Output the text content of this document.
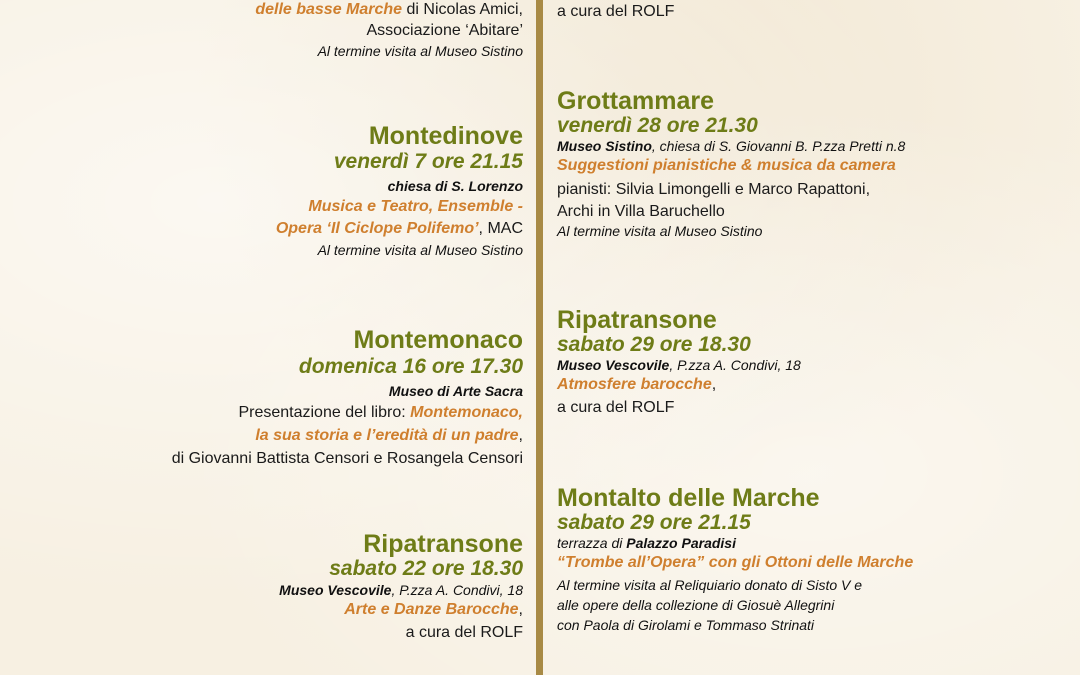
delle basse Marche di Nicolas Amici,
Associazione ‘Abitare’
Al termine visita al Museo Sistino
Montedinove
venerdì 7 ore 21.15
chiesa di S. Lorenzo
Musica e Teatro, Ensemble -
Opera ‘Il Ciclope Polifemo’, MAC
Al termine visita al Museo Sistino
Montemonaco
domenica 16 ore 17.30
Museo di Arte Sacra
Presentazione del libro: Montemonaco,
la sua storia e l’eredità di un padre,
di Giovanni Battista Censori e Rosangela Censori
Ripatransone
sabato 22 ore 18.30
Museo Vescovile, P.zza A. Condivi, 18
Arte e Danze Barocche,
a cura del ROLF
a cura del ROLF
Grottammare
venerdì 28 ore 21.30
Museo Sistino, chiesa di S. Giovanni B. P.zza Pretti n.8
Suggestioni pianistiche & musica da camera
pianisti: Silvia Limongelli e Marco Rapattoni,
Archi in Villa Baruchello
Al termine visita al Museo Sistino
Ripatransone
sabato 29 ore 18.30
Museo Vescovile, P.zza A. Condivi, 18
Atmosfere barocche,
a cura del ROLF
Montalto delle Marche
sabato 29 ore 21.15
terrazza di Palazzo Paradisi
“Trombe all’Opera” con gli Ottoni delle Marche
Al termine visita al Reliquiario donato di Sisto V e
alle opere della collezione di Giosuè Allegrini
con Paola di Girolami e Tommaso Strinati
